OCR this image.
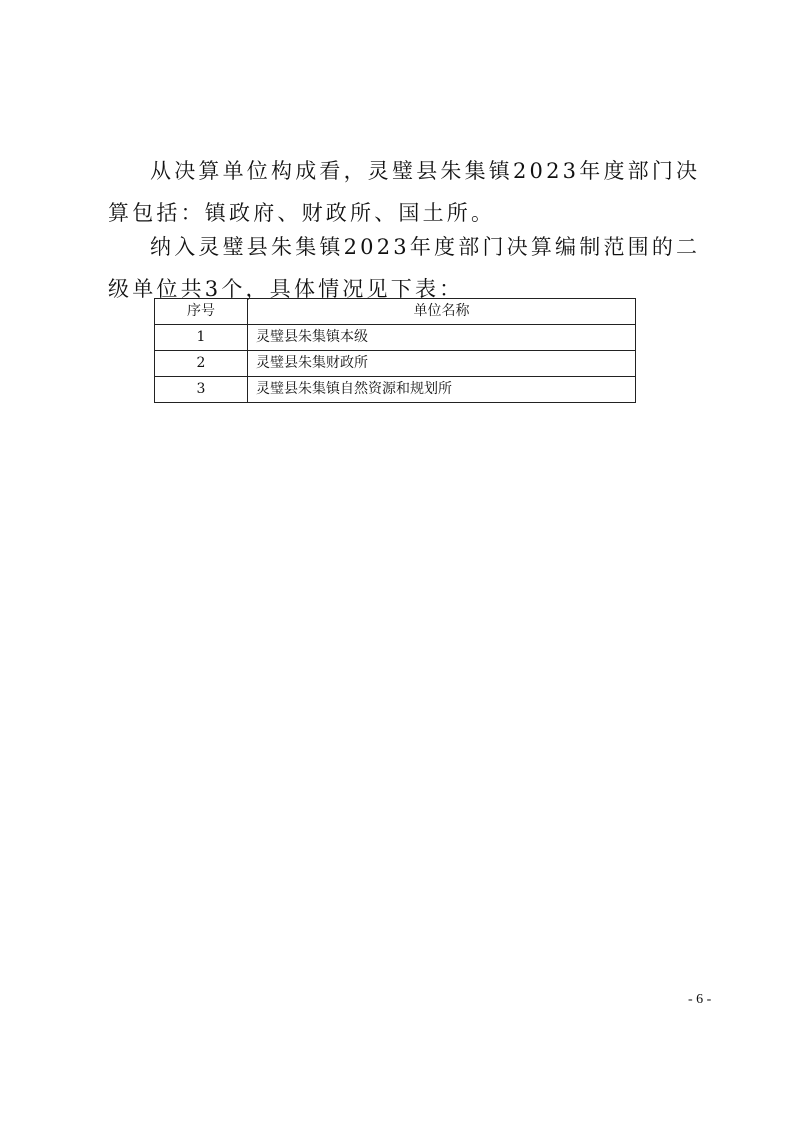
从决算单位构成看，灵璧县朱集镇2023年度部门决算包括：镇政府、财政所、国土所。

纳入灵璧县朱集镇2023年度部门决算编制范围的二级单位共3个，具体情况见下表：

序号	单位名称
1	灵璧县朱集镇本级
2	灵璧县朱集财政所
3	灵璧县朱集镇自然资源和规划所
- 6 -
